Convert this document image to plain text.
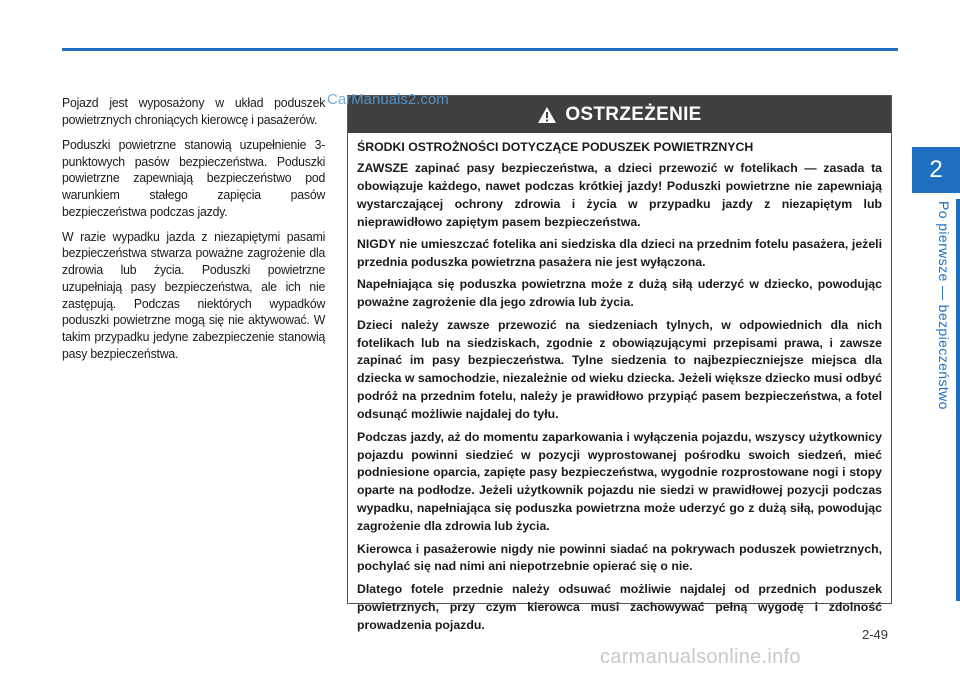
Pojazd jest wyposażony w układ poduszek powietrznych chroniących kierowcę i pasażerów.

Poduszki powietrzne stanowią uzupełnienie 3-punktowych pasów bezpieczeństwa. Poduszki powietrzne zapewniają bezpieczeństwo pod warunkiem stałego zapięcia pasów bezpieczeństwa podczas jazdy.

W razie wypadku jazda z niezapiętymi pasami bezpieczeństwa stwarza poważne zagrożenie dla zdrowia lub życia. Poduszki powietrzne uzupełniają pasy bezpieczeństwa, ale ich nie zastępują. Podczas niektórych wypadków poduszki powietrzne mogą się nie aktywować. W takim przypadku jedyne zabezpieczenie stanowią pasy bezpieczeństwa.

OSTRZEŻENIE

ŚRODKI OSTROŻNOŚCI DOTYCZĄCE PODUSZEK POWIETRZNYCH

ZAWSZE zapinać pasy bezpieczeństwa, a dzieci przewozić w fotelikach — zasada ta obowiązuje każdego, nawet podczas krótkiej jazdy! Poduszki powietrzne nie zapewniają wystarczającej ochrony zdrowia i życia w przypadku jazdy z niezapiętym lub nieprawidłowo zapiętym pasem bezpieczeństwa.

NIGDY nie umieszczać fotelika ani siedziska dla dzieci na przednim fotelu pasażera, jeżeli przednia poduszka powietrzna pasażera nie jest wyłączona.

Napełniająca się poduszka powietrzna może z dużą siłą uderzyć w dziecko, powodując poważne zagrożenie dla jego zdrowia lub życia.

Dzieci należy zawsze przewozić na siedzeniach tylnych, w odpowiednich dla nich fotelikach lub na siedziskach, zgodnie z obowiązującymi przepisami prawa, i zawsze zapinać im pasy bezpieczeństwa. Tylne siedzenia to najbezpieczniejsze miejsca dla dziecka w samochodzie, niezależnie od wieku dziecka. Jeżeli większe dziecko musi odbyć podróż na przednim fotelu, należy je prawidłowo przypiąć pasem bezpieczeństwa, a fotel odsunąć możliwie najdalej do tyłu.

Podczas jazdy, aż do momentu zaparkowania i wyłączenia pojazdu, wszyscy użytkownicy pojazdu powinni siedzieć w pozycji wyprostowanej pośrodku swoich siedzeń, mieć podniesione oparcia, zapięte pasy bezpieczeństwa, wygodnie rozprostowane nogi i stopy oparte na podłodze. Jeżeli użytkownik pojazdu nie siedzi w prawidłowej pozycji podczas wypadku, napełniająca się poduszka powietrzna może uderzyć go z dużą siłą, powodując zagrożenie dla zdrowia lub życia.

Kierowca i pasażerowie nigdy nie powinni siadać na pokrywach poduszek powietrznych, pochylać się nad nimi ani niepotrzebnie opierać się o nie.

Dlatego fotele przednie należy odsuwać możliwie najdalej od przednich poduszek powietrznych, przy czym kierowca musi zachowywać pełną wygodę i zdolność prowadzenia pojazdu.

CarManuals2.com
2
Po pierwsze — bezpieczeństwo
2-49
carmanualsonline.info
